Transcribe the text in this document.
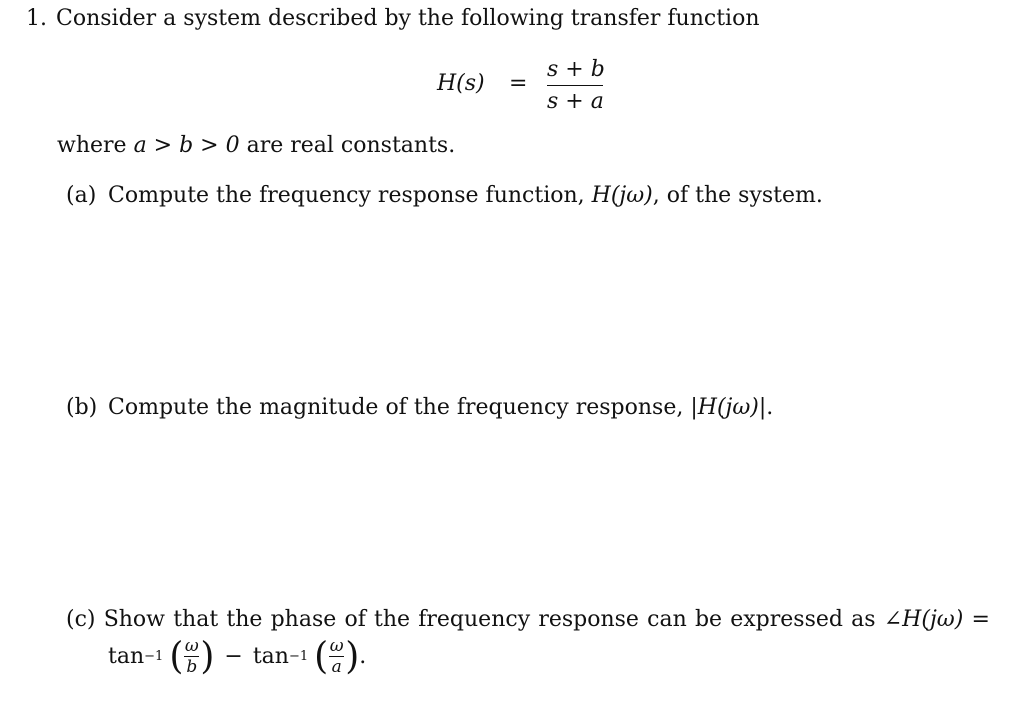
1. Consider a system described by the following transfer function
H(s) =
s + b
s + a
where a > b > 0 are real constants.
(a) Compute the frequency response function, H(jω), of the system.
(b) Compute the magnitude of the frequency response, |H(jω)|.
(c) Show that the phase of the frequency response can be expressed as ∠H(jω) =
tan −1 ( ω
b ) − tan −1 ( ω
a ) .
